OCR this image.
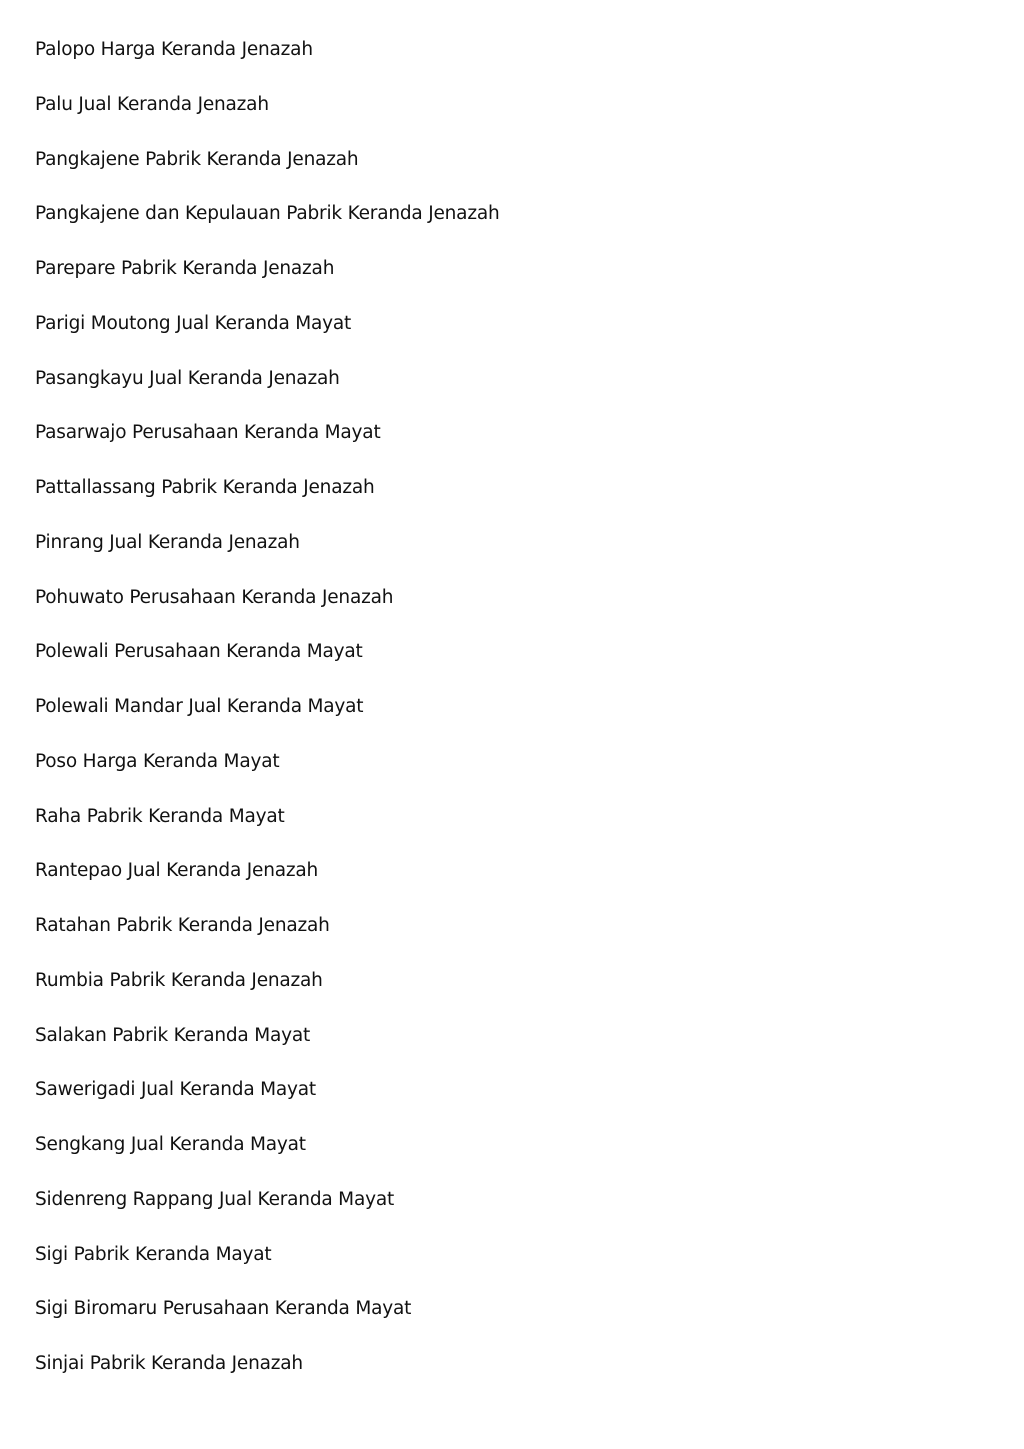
Palopo Harga Keranda Jenazah
Palu Jual Keranda Jenazah
Pangkajene Pabrik Keranda Jenazah
Pangkajene dan Kepulauan Pabrik Keranda Jenazah
Parepare Pabrik Keranda Jenazah
Parigi Moutong Jual Keranda Mayat
Pasangkayu Jual Keranda Jenazah
Pasarwajo Perusahaan Keranda Mayat
Pattallassang Pabrik Keranda Jenazah
Pinrang Jual Keranda Jenazah
Pohuwato Perusahaan Keranda Jenazah
Polewali Perusahaan Keranda Mayat
Polewali Mandar Jual Keranda Mayat
Poso Harga Keranda Mayat
Raha Pabrik Keranda Mayat
Rantepao Jual Keranda Jenazah
Ratahan Pabrik Keranda Jenazah
Rumbia Pabrik Keranda Jenazah
Salakan Pabrik Keranda Mayat
Sawerigadi Jual Keranda Mayat
Sengkang Jual Keranda Mayat
Sidenreng Rappang Jual Keranda Mayat
Sigi Pabrik Keranda Mayat
Sigi Biromaru Perusahaan Keranda Mayat
Sinjai Pabrik Keranda Jenazah
